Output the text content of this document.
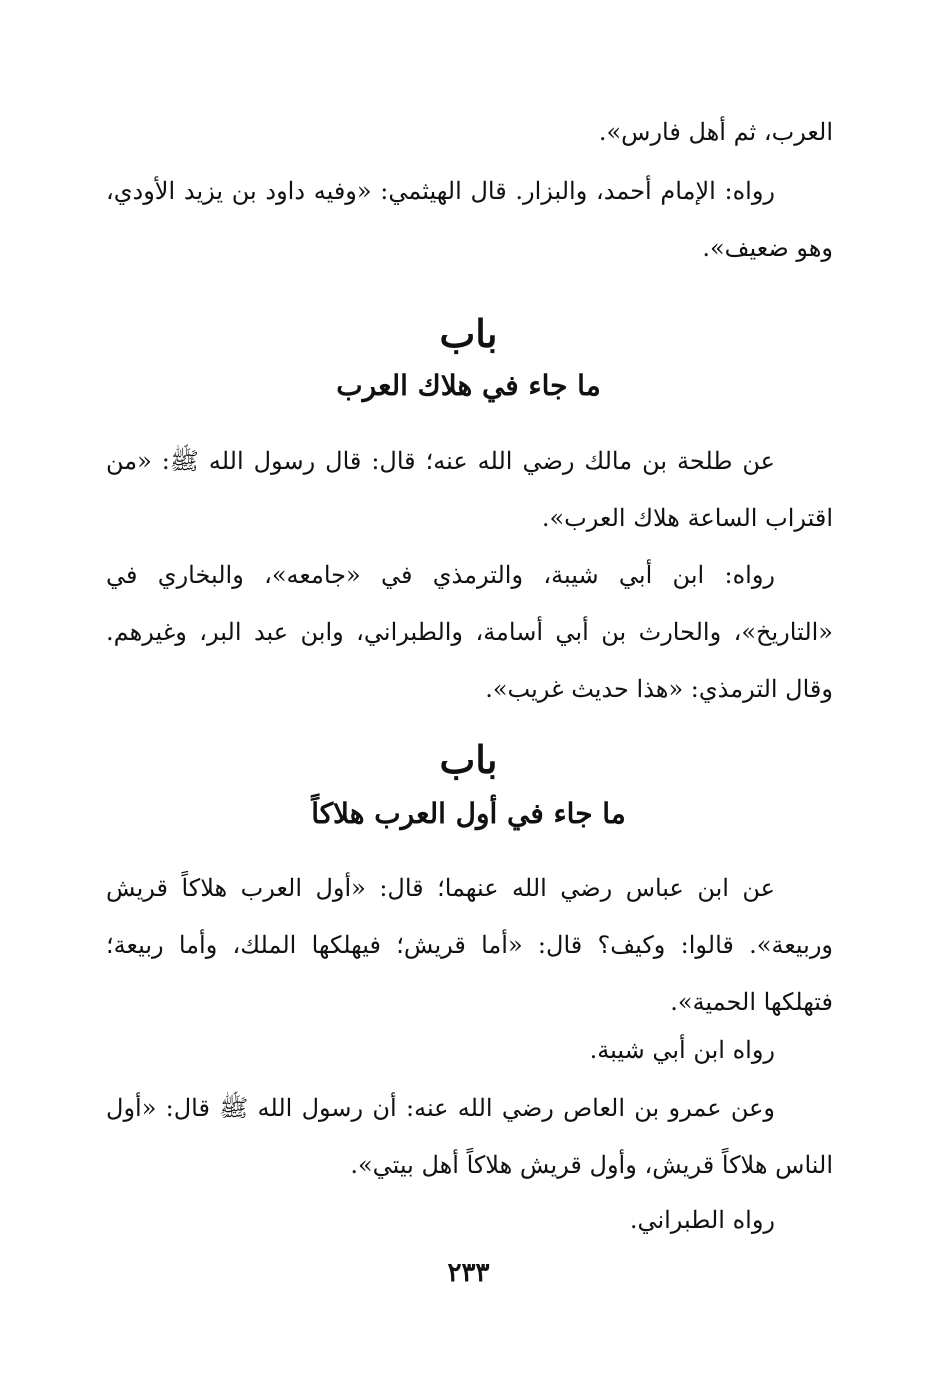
العرب، ثم أهل فارس».

رواه: الإمام أحمد، والبزار. قال الهيثمي: «وفيه داود بن يزيد الأودي، وهو ضعيف».

باب
ما جاء في هلاك العرب

عن طلحة بن مالك رضي الله عنه؛ قال: قال رسول الله ﷺ: «من اقتراب الساعة هلاك العرب».

رواه: ابن أبي شيبة، والترمذي في «جامعه»، والبخاري في «التاريخ»، والحارث بن أبي أسامة، والطبراني، وابن عبد البر، وغيرهم. وقال الترمذي: «هذا حديث غريب».

باب
ما جاء في أول العرب هلاكاً

عن ابن عباس رضي الله عنهما؛ قال: «أول العرب هلاكاً قريش وربيعة». قالوا: وكيف؟ قال: «أما قريش؛ فيهلكها الملك، وأما ربيعة؛ فتهلكها الحمية».

رواه ابن أبي شيبة.

وعن عمرو بن العاص رضي الله عنه: أن رسول الله ﷺ قال: «أول الناس هلاكاً قريش، وأول قريش هلاكاً أهل بيتي».

رواه الطبراني.
٢٣٣
